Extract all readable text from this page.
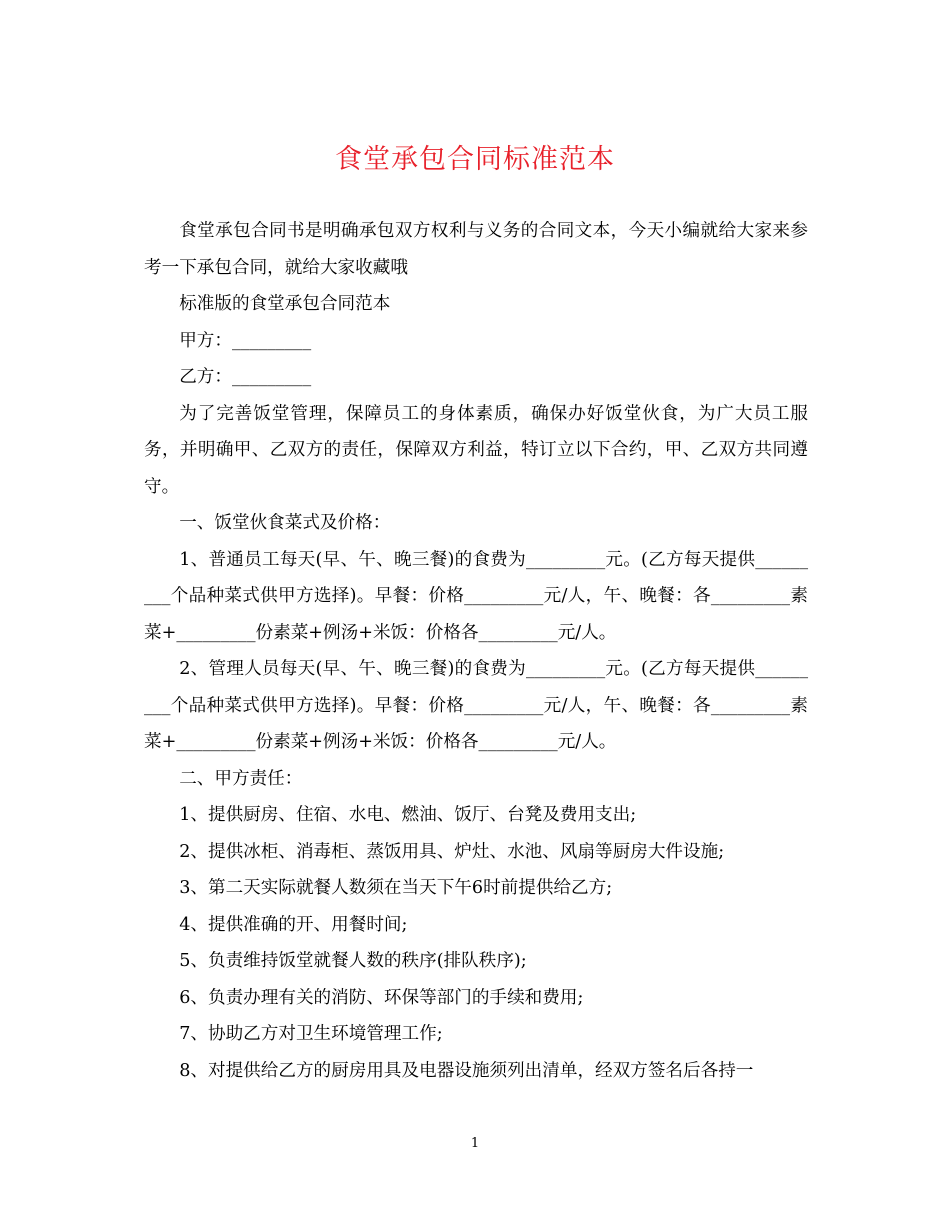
食堂承包合同标准范本

食堂承包合同书是明确承包双方权利与义务的合同文本，今天小编就给大家来参考一下承包合同，就给大家收藏哦

标准版的食堂承包合同范本

甲方：_________

乙方：_________

为了完善饭堂管理，保障员工的身体素质，确保办好饭堂伙食，为广大员工服务，并明确甲、乙双方的责任，保障双方利益，特订立以下合约，甲、乙双方共同遵守。

一、饭堂伙食菜式及价格：

1、普通员工每天(早、午、晚三餐)的食费为_________元。(乙方每天提供_________个品种菜式供甲方选择)。早餐：价格_________元/人，午、晚餐：各_________素菜+_________份素菜+例汤+米饭：价格各_________元/人。

2、管理人员每天(早、午、晚三餐)的食费为_________元。(乙方每天提供_________个品种菜式供甲方选择)。早餐：价格_________元/人，午、晚餐：各_________素菜+_________份素菜+例汤+米饭：价格各_________元/人。

二、甲方责任：

1、提供厨房、住宿、水电、燃油、饭厅、台凳及费用支出;

2、提供冰柜、消毒柜、蒸饭用具、炉灶、水池、风扇等厨房大件设施;

3、第二天实际就餐人数须在当天下午6时前提供给乙方;

4、提供准确的开、用餐时间;

5、负责维持饭堂就餐人数的秩序(排队秩序);

6、负责办理有关的消防、环保等部门的手续和费用;

7、协助乙方对卫生环境管理工作;

8、对提供给乙方的厨房用具及电器设施须列出清单，经双方签名后各持一

1
